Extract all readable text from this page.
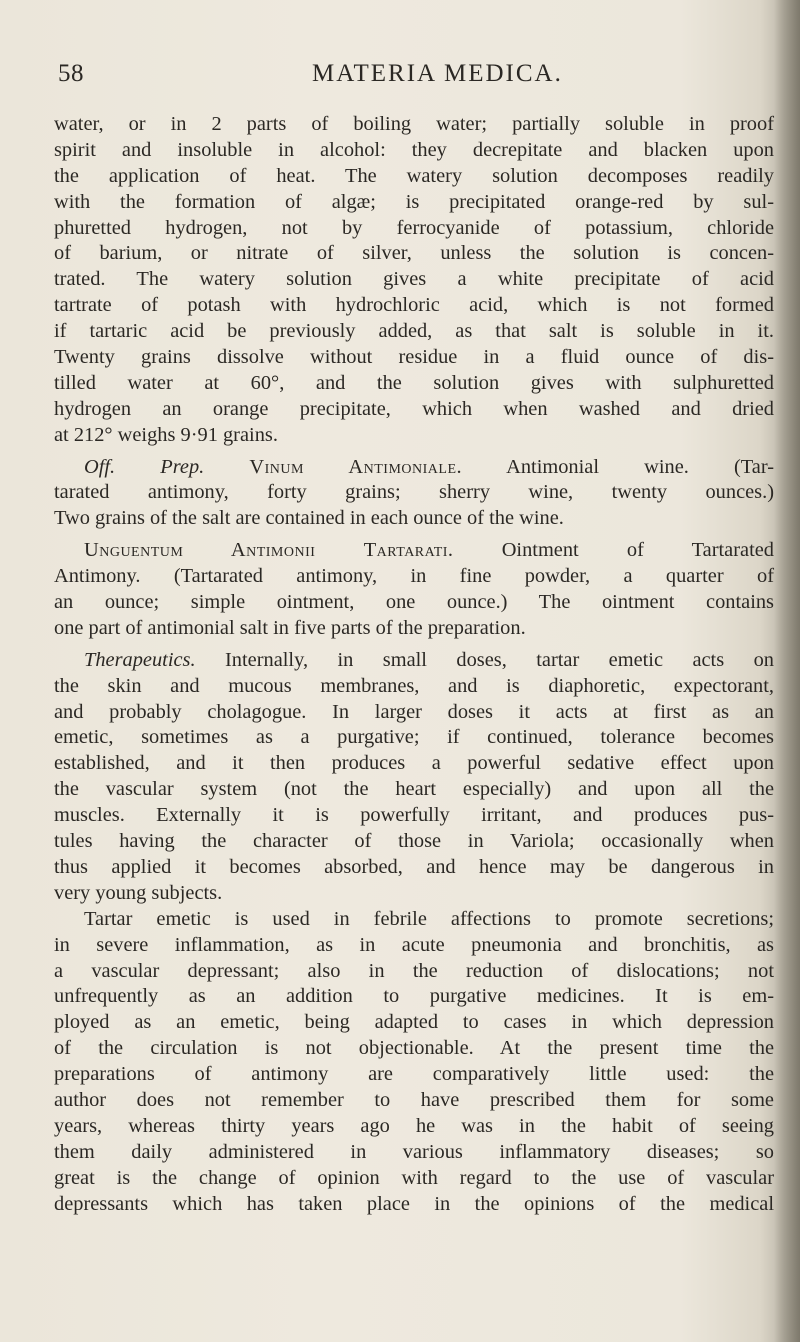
58	MATERIA MEDICA.
water, or in 2 parts of boiling water; partially soluble in proof
spirit and insoluble in alcohol: they decrepitate and blacken upon
the application of heat. The watery solution decomposes readily
with the formation of algæ; is precipitated orange-red by sul-
phuretted hydrogen, not by ferrocyanide of potassium, chloride
of barium, or nitrate of silver, unless the solution is concen-
trated. The watery solution gives a white precipitate of acid
tartrate of potash with hydrochloric acid, which is not formed
if tartaric acid be previously added, as that salt is soluble in it.
Twenty grains dissolve without residue in a fluid ounce of dis-
tilled water at 60°, and the solution gives with sulphuretted
hydrogen an orange precipitate, which when washed and dried
at 212° weighs 9·91 grains.
Off. Prep. Vinum Antimoniale. Antimonial wine. (Tar-
tarated antimony, forty grains; sherry wine, twenty ounces.)
Two grains of the salt are contained in each ounce of the wine.
Unguentum Antimonii Tartarati. Ointment of Tartarated
Antimony. (Tartarated antimony, in fine powder, a quarter of
an ounce; simple ointment, one ounce.) The ointment contains
one part of antimonial salt in five parts of the preparation.
Therapeutics. Internally, in small doses, tartar emetic acts on
the skin and mucous membranes, and is diaphoretic, expectorant,
and probably cholagogue. In larger doses it acts at first as an
emetic, sometimes as a purgative; if continued, tolerance becomes
established, and it then produces a powerful sedative effect upon
the vascular system (not the heart especially) and upon all the
muscles. Externally it is powerfully irritant, and produces pus-
tules having the character of those in Variola; occasionally when
thus applied it becomes absorbed, and hence may be dangerous in
very young subjects.
Tartar emetic is used in febrile affections to promote secretions;
in severe inflammation, as in acute pneumonia and bronchitis, as
a vascular depressant; also in the reduction of dislocations; not
unfrequently as an addition to purgative medicines. It is em-
ployed as an emetic, being adapted to cases in which depression
of the circulation is not objectionable. At the present time the
preparations of antimony are comparatively little used: the
author does not remember to have prescribed them for some
years, whereas thirty years ago he was in the habit of seeing
them daily administered in various inflammatory diseases; so
great is the change of opinion with regard to the use of vascular
depressants which has taken place in the opinions of the medical
